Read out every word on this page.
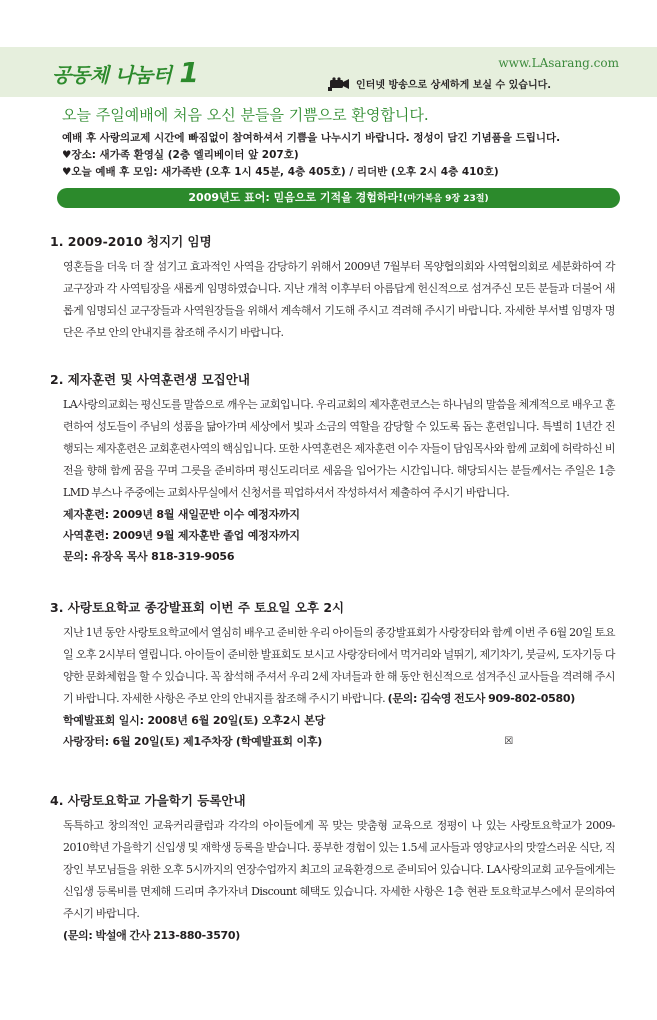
공동체 나눔터 1	www.LAsarang.com
인터넷 방송으로 상세하게 보실 수 있습니다.
오늘 주일예배에 처음 오신 분들을 기쁨으로 환영합니다.
예배 후 사랑의교제 시간에 빠짐없이 참여하셔서 기쁨을 나누시기 바랍니다. 정성이 담긴 기념품을 드립니다.
♥장소: 새가족 환영실 (2층 엘리베이터 앞 207호)
♥오늘 예배 후 모임: 새가족반 (오후 1시 45분, 4층 405호) / 리더반 (오후 2시 4층 410호)
2009년도 표어: 믿음으로 기적을 경험하라!(마가복음 9장 23절)
1. 2009-2010 청지기 임명
영혼들을 더욱 더 잘 섬기고 효과적인 사역을 감당하기 위해서 2009년 7월부터 목양협의회와 사역협의회로 세분화하여 각 교구장과 각 사역팀장을 새롭게 임명하였습니다. 지난 개척 이후부터 아름답게 헌신적으로 섬겨주신 모든 분들과 더불어 새롭게 임명되신 교구장들과 사역원장들을 위해서 계속해서 기도해 주시고 격려해 주시기 바랍니다. 자세한 부서별 임명자 명단은 주보 안의 안내지를 참조해 주시기 바랍니다.
2. 제자훈련 및 사역훈련생 모집안내
LA사랑의교회는 평신도를 말씀으로 깨우는 교회입니다. 우리교회의 제자훈련코스는 하나님의 말씀을 체계적으로 배우고 훈련하여 성도들이 주님의 성품을 닮아가며 세상에서 빛과 소금의 역할을 감당할 수 있도록 돕는 훈련입니다. 특별히 1년간 진행되는 제자훈련은 교회훈련사역의 핵심입니다. 또한 사역훈련은 제자훈련 이수 자들이 담임목사와 함께 교회에 허락하신 비전을 향해 함께 꿈을 꾸며 그릇을 준비하며 평신도리더로 세움을 입어가는 시간입니다. 해당되시는 분들께서는 주일은 1층 LMD 부스나 주중에는 교회사무실에서 신청서를 픽업하셔서 작성하셔서 제출하여 주시기 바랍니다.
제자훈련: 2009년 8월 새일꾼반 이수 예정자까지
사역훈련: 2009년 9월 제자훈반 졸업 예정자까지
문의: 유장옥 목사 818-319-9056
3. 사랑토요학교 종강발표회 이번 주 토요일 오후 2시
지난 1년 동안 사랑토요학교에서 열심히 배우고 준비한 우리 아이들의 종강발표회가 사랑장터와 함께 이번 주 6월 20일 토요일 오후 2시부터 열립니다. 아이들이 준비한 발표회도 보시고 사랑장터에서 먹거리와 널뛰기, 제기차기, 붓글씨, 도자기등 다양한 문화체험을 할 수 있습니다. 꼭 참석해 주셔서 우리 2세 자녀들과 한 해 동안 헌신적으로 섬겨주신 교사들을 격려해 주시기 바랍니다. 자세한 사항은 주보 안의 안내지를 참조해 주시기 바랍니다. (문의: 김숙영 전도사 909-802-0580)
학예발표회 일시: 2008년 6월 20일(토) 오후2시 본당
사랑장터: 6월 20일(토) 제1주차장 (학예발표회 이후)	☒
4. 사랑토요학교 가을학기 등록안내
독특하고 창의적인 교육커리큘럼과 각각의 아이들에게 꼭 맞는 맞춤형 교육으로 정평이 나 있는 사랑토요학교가 2009-2010학년 가을학기 신입생 및 재학생 등록을 받습니다. 풍부한 경험이 있는 1.5세 교사들과 영양교사의 맛깔스러운 식단, 직장인 부모님들을 위한 오후 5시까지의 연장수업까지 최고의 교육환경으로 준비되어 있습니다. LA사랑의교회 교우들에게는 신입생 등록비를 면제해 드리며 추가자녀 Discount 혜택도 있습니다. 자세한 사항은 1층 현관 토요학교부스에서 문의하여 주시기 바랍니다.
(문의: 박설애 간사 213-880-3570)
